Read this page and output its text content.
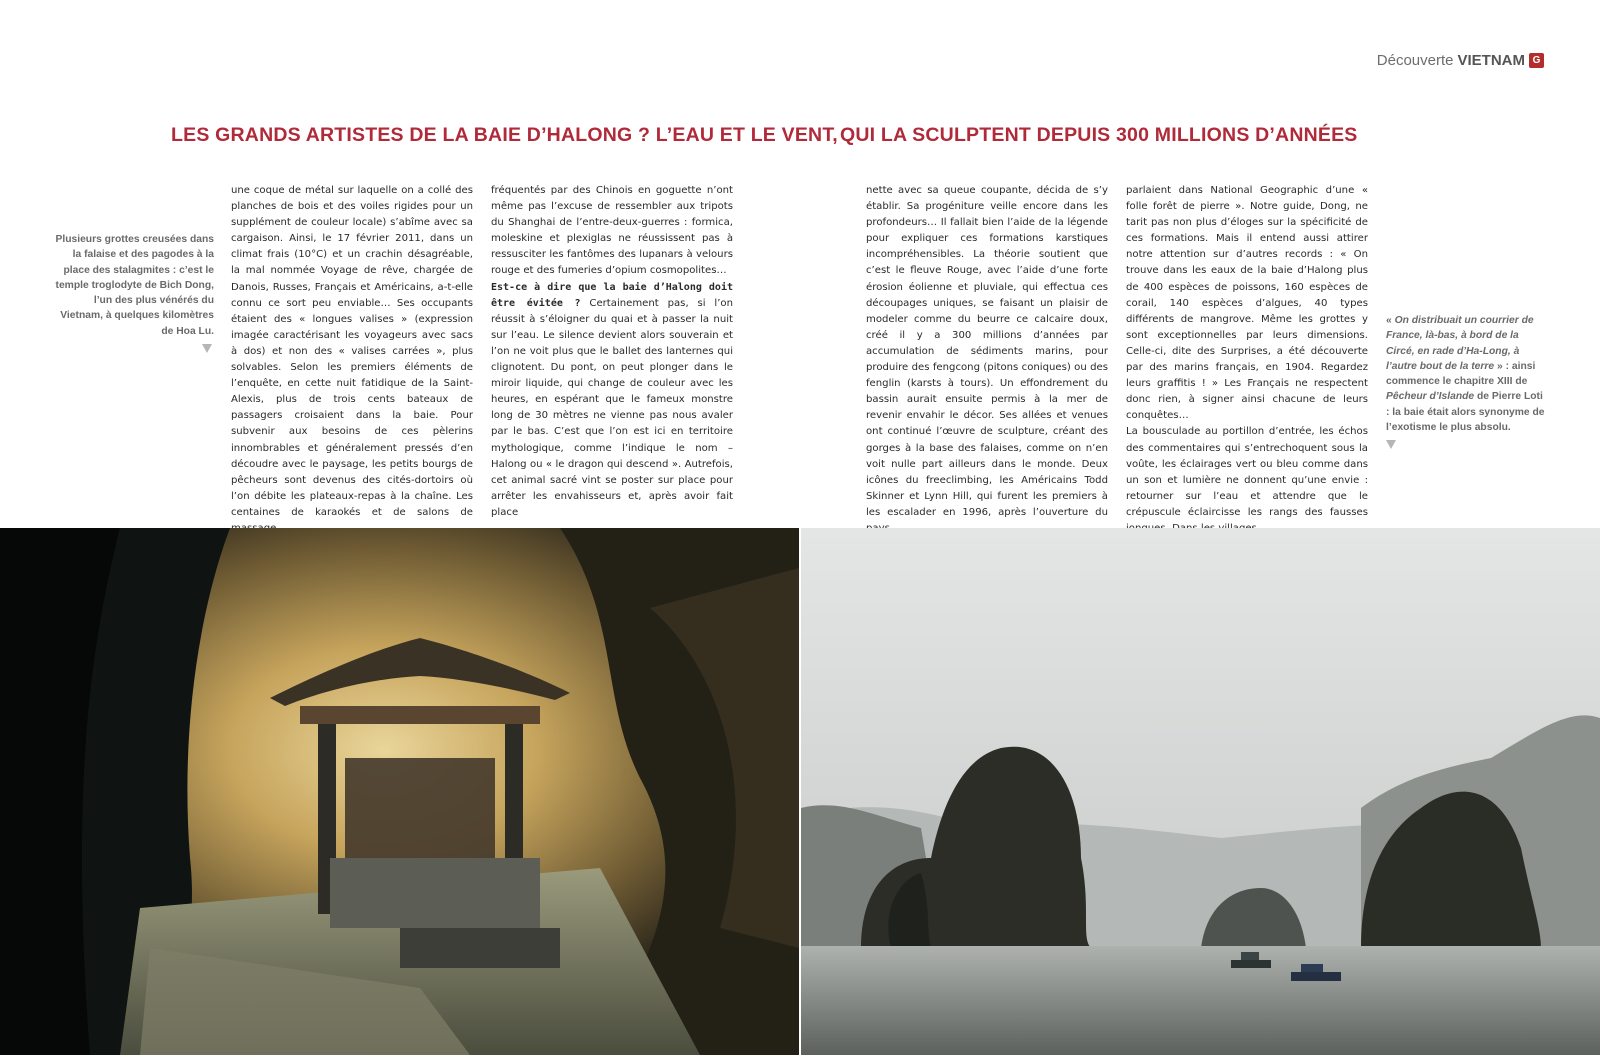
Découverte VIETNAM G
LES GRANDS ARTISTES DE LA BAIE D’HALONG ? L’EAU ET LE VENT, QUI LA SCULPTENT DEPUIS 300 MILLIONS D’ANNÉES
Plusieurs grottes creusées dans la falaise et des pagodes à la place des stalagmites : c’est le temple troglodyte de Bich Dong, l’un des plus vénérés du Vietnam, à quelques kilomètres de Hoa Lu.

une coque de métal sur laquelle on a collé des planches de bois et des voiles rigides pour un supplément de couleur locale) s’abîme avec sa cargaison. Ainsi, le 17 février 2011, dans un climat frais (10°C) et un crachin désagréable, la mal nommée Voyage de rêve, chargée de Danois, Russes, Français et Américains, a-t-elle connu ce sort peu enviable… Ses occupants étaient des « longues valises » (expression imagée caractérisant les voyageurs avec sacs à dos) et non des « valises carrées », plus solvables. Selon les premiers éléments de l’enquête, en cette nuit fatidique de la Saint-Alexis, plus de trois cents bateaux de passagers croisaient dans la baie. Pour subvenir aux besoins de ces pèlerins innombrables et généralement pressés d’en découdre avec le paysage, les petits bourgs de pêcheurs sont devenus des cités-dortoirs où l’on débite les plateaux-repas à la chaîne. Les centaines de karaokés et de salons de

fréquentés par des Chinois en goguette n’ont même pas l’excuse de ressembler aux tripots du Shanghai de l’entre-deux-guerres : formica, moleskine et plexiglas ne réussissent pas à ressusciter les fantômes des lupanars à velours rouge et des fumeries d’opium cosmopolites…

Est-ce à dire que la baie d’Halong doit être évitée ? Certainement pas, si l’on réussit à s’éloigner du quai et à passer la nuit sur l’eau. Le silence devient alors souverain et l’on ne voit plus que le ballet des lanternes qui clignotent. Du pont, on peut plonger dans le miroir liquide, qui change de couleur avec les heures, en espérant que le fameux monstre long de 30 mètres ne vienne pas nous avaler par le bas. C’est que l’on est ici en territoire mythologique, comme l’indique le nom – Halong ou « le dragon qui descend ». Autrefois, cet animal sacré vint se poster sur place pour arrêter les envahisseurs et, après avoir fait place

nette avec sa queue coupante, décida de s’y établir. Sa progéniture veille encore dans les profondeurs… Il fallait bien l’aide de la légende pour expliquer ces formations karstiques incompréhensibles. La théorie soutient que c’est le fleuve Rouge, avec l’aide d’une forte érosion éolienne et pluviale, qui effectua ces découpages uniques, se faisant un plaisir de modeler comme du beurre ce calcaire doux, créé il y a 300 millions d’années par accumulation de sédiments marins, pour produire des fengcong (pitons coniques) ou des fenglin (karsts à tours). Un effondrement du bassin aurait ensuite permis à la mer de revenir envahir le décor. Ses allées et venues ont continué l’œuvre de sculpture, créant des gorges à la base des falaises, comme on n’en voit nulle part ailleurs dans le monde. Deux icônes du freeclimbing, les Américains Todd Skinner et Lynn Hill, qui furent les premiers à les escalader en 1996, après l’ouverture du

parlaient dans National Geographic d’une « folle forêt de pierre ». Notre guide, Dong, ne tarit pas non plus d’éloges sur la spécificité de ces formations. Mais il entend aussi attirer notre attention sur d’autres records : « On trouve dans les eaux de la baie d’Halong plus de 400 espèces de poissons, 160 espèces de corail, 140 espèces d’algues, 40 types différents de mangrove. Même les grottes y sont exceptionnelles par leurs dimensions. Celle-ci, dite des Surprises, a été découverte par des marins français, en 1904. Regardez leurs graffitis ! » Les Français ne respectent donc rien, à signer ainsi chacune de leurs conquêtes…

La bousculade au portillon d’entrée, les échos des commentaires qui s’entrechoquent sous la voûte, les éclairages vert ou bleu comme dans un son et lumière ne donnent qu’une envie : retourner sur l’eau et attendre que le crépuscule éclaircisse les rangs des fausses

« On distribuait un courrier de France, là-bas, à bord de la Circé, en rade d’Ha-Long, à l’autre bout de la terre » : ainsi commence le chapitre XIII de Pêcheur d’Islande de Pierre Loti : la baie était alors synonyme de l’exotisme le plus absolu.
